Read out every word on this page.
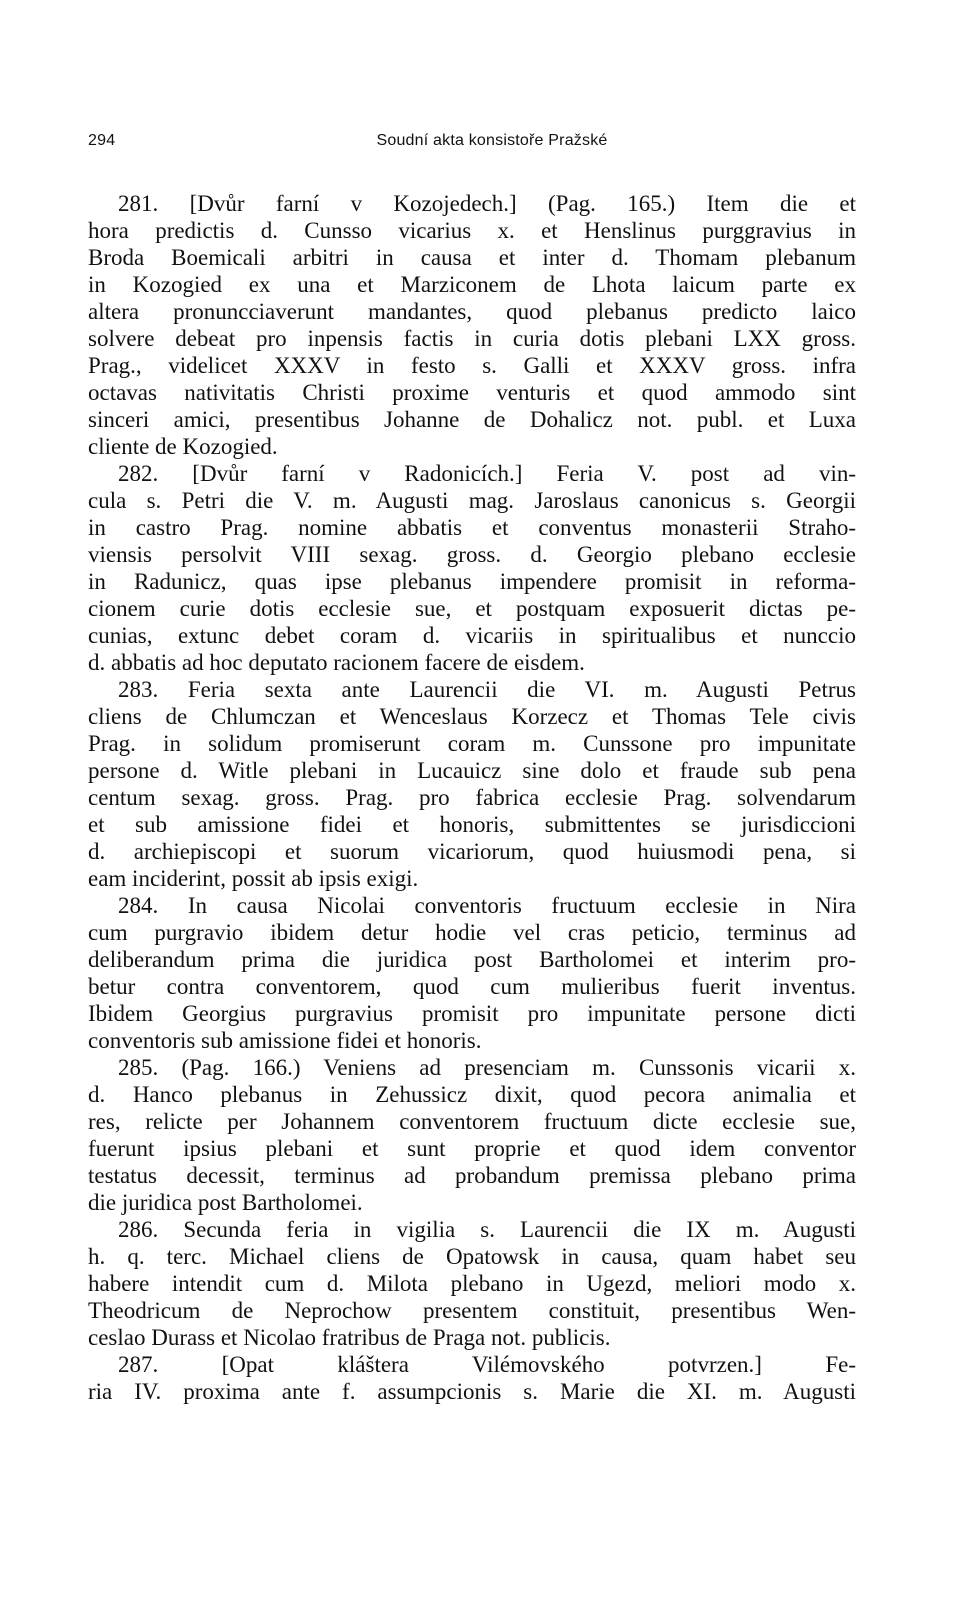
294	Soudní akta konsistoře Pražské
281. [Dvůr farní v Kozojedech.] (Pag. 165.) Item die et
hora predictis d. Cunsso vicarius x. et Henslinus purggravius in
Broda Boemicali arbitri in causa et inter d. Thomam plebanum
in Kozogied ex una et Marziconem de Lhota laicum parte ex
altera pronuncciaverunt mandantes, quod plebanus predicto laico
solvere debeat pro inpensis factis in curia dotis plebani LXX gross.
Prag., videlicet XXXV in festo s. Galli et XXXV gross. infra
octavas nativitatis Christi proxime venturis et quod ammodo sint
sinceri amici, presentibus Johanne de Dohalicz not. publ. et Luxa
cliente de Kozogied.
282. [Dvůr farní v Radonicích.] Feria V. post ad vin-
cula s. Petri die V. m. Augusti mag. Jaroslaus canonicus s. Georgii
in castro Prag. nomine abbatis et conventus monasterii Straho-
viensis persolvit VIII sexag. gross. d. Georgio plebano ecclesie
in Radunicz, quas ipse plebanus impendere promisit in reforma-
cionem curie dotis ecclesie sue, et postquam exposuerit dictas pe-
cunias, extunc debet coram d. vicariis in spiritualibus et nunccio
d. abbatis ad hoc deputato racionem facere de eisdem.
283. Feria sexta ante Laurencii die VI. m. Augusti Petrus
cliens de Chlumczan et Wenceslaus Korzecz et Thomas Tele civis
Prag. in solidum promiserunt coram m. Cunssone pro impunitate
persone d. Witle plebani in Lucauicz sine dolo et fraude sub pena
centum sexag. gross. Prag. pro fabrica ecclesie Prag. solvendarum
et sub amissione fidei et honoris, submittentes se jurisdiccioni
d. archiepiscopi et suorum vicariorum, quod huiusmodi pena, si
eam inciderint, possit ab ipsis exigi.
284. In causa Nicolai conventoris fructuum ecclesie in Nira
cum purgravio ibidem detur hodie vel cras peticio, terminus ad
deliberandum prima die juridica post Bartholomei et interim pro-
betur contra conventorem, quod cum mulieribus fuerit inventus.
Ibidem Georgius purgravius promisit pro impunitate persone dicti
conventoris sub amissione fidei et honoris.
285. (Pag. 166.) Veniens ad presenciam m. Cunssonis vicarii x.
d. Hanco plebanus in Zehussicz dixit, quod pecora animalia et
res, relicte per Johannem conventorem fructuum dicte ecclesie sue,
fuerunt ipsius plebani et sunt proprie et quod idem conventor
testatus decessit, terminus ad probandum premissa plebano prima
die juridica post Bartholomei.
286. Secunda feria in vigilia s. Laurencii die IX m. Augusti
h. q. terc. Michael cliens de Opatowsk in causa, quam habet seu
habere intendit cum d. Milota plebano in Ugezd, meliori modo x.
Theodricum de Neprochow presentem constituit, presentibus Wen-
ceslao Durass et Nicolao fratribus de Praga not. publicis.
287. [Opat kláštera Vilémovského potvrzen.] Fe-
ria IV. proxima ante f. assumpcionis s. Marie die XI. m. Augusti
